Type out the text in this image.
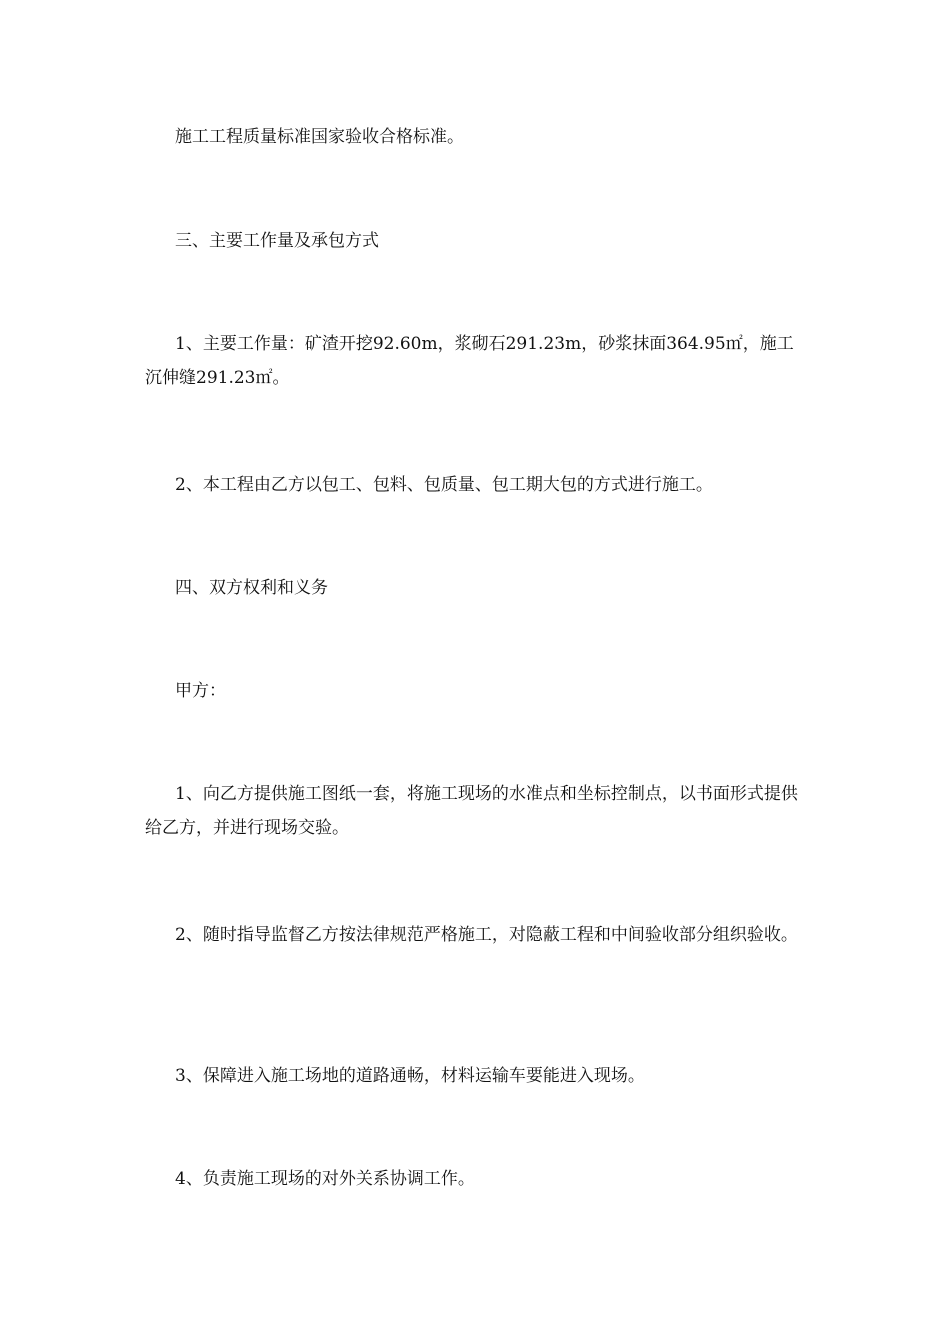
施工工程质量标准国家验收合格标准。

三、主要工作量及承包方式

1、主要工作量：矿渣开挖92.60m，浆砌石291.23m，砂浆抹面364.95㎡，施工沉伸缝291.23㎡。

2、本工程由乙方以包工、包料、包质量、包工期大包的方式进行施工。

四、双方权利和义务

甲方：

1、向乙方提供施工图纸一套，将施工现场的水准点和坐标控制点，以书面形式提供给乙方，并进行现场交验。

2、随时指导监督乙方按法律规范严格施工，对隐蔽工程和中间验收部分组织验收。

3、保障进入施工场地的道路通畅，材料运输车要能进入现场。

4、负责施工现场的对外关系协调工作。
